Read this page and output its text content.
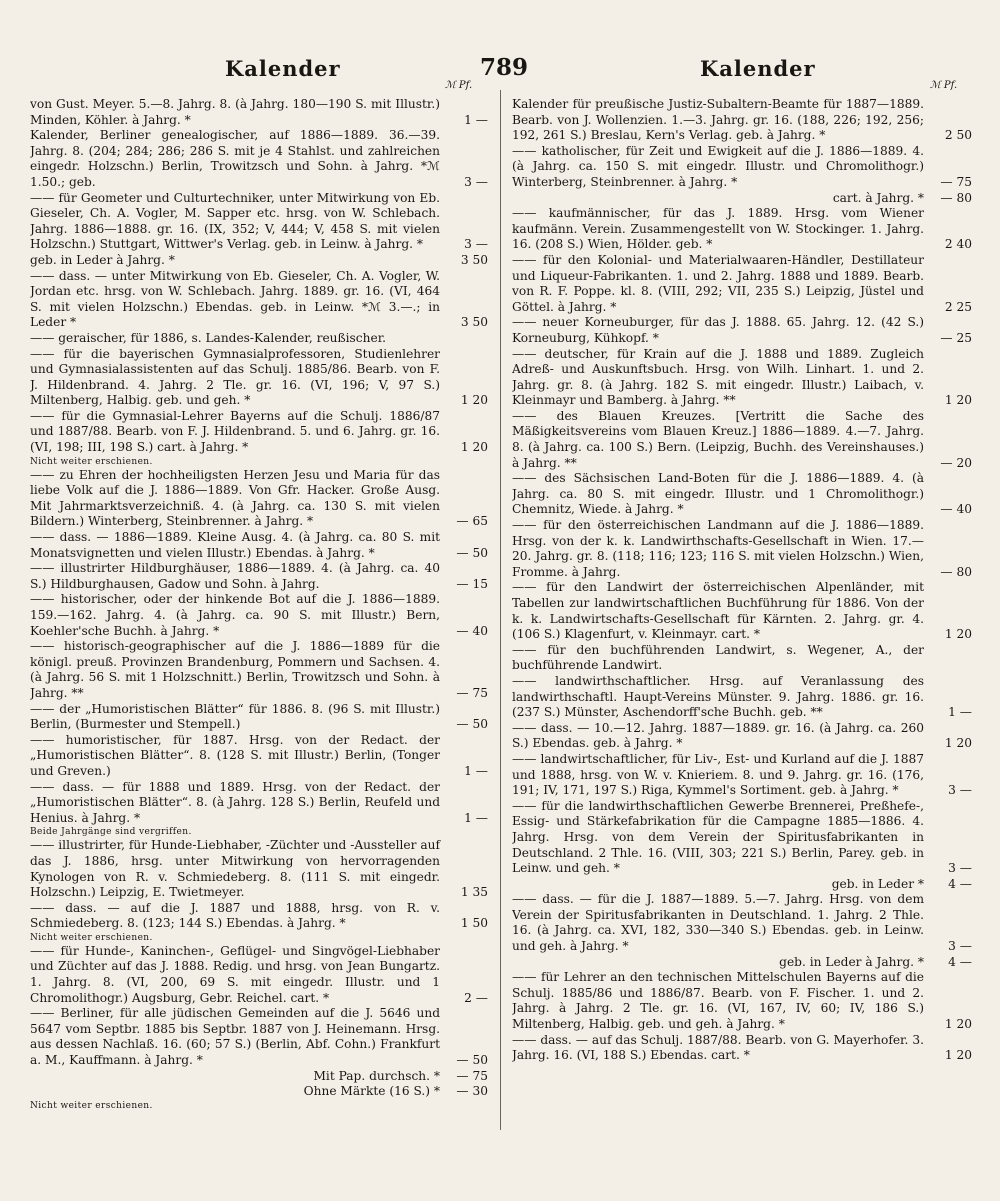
Kalender	789	Kalender
ℳ Pf.	ℳ Pf.
von Gust. Meyer. 5.—8. Jahrg. 8. (à Jahrg. 180—190 S. mit Illustr.) Minden, Köhler. à Jahrg. *	1 —
Kalender, Berliner genealogischer, auf 1886—1889. 36.—39. Jahrg. 8. (204; 284; 286; 286 S. mit je 4 Stahlst. und zahlreichen eingedr. Holzschn.) Berlin, Trowitzsch und Sohn. à Jahrg. *ℳ 1.50.; geb.	3 —
—— für Geometer und Culturtechniker, unter Mitwirkung von Eb. Gieseler, Ch. A. Vogler, M. Sapper etc. hrsg. von W. Schlebach. Jahrg. 1886—1888. gr. 16. (IX, 352; V, 444; V, 458 S. mit vielen Holzschn.) Stuttgart, Wittwer's Verlag. geb. in Leinw. à Jahrg. *	3 —
geb. in Leder à Jahrg. *	3 50
—— dass. — unter Mitwirkung von Eb. Gieseler, Ch. A. Vogler, W. Jordan etc. hrsg. von W. Schlebach. Jahrg. 1889. gr. 16. (VI, 464 S. mit vielen Holzschn.) Ebendas. geb. in Leinw. *ℳ 3.—.; in Leder *	3 50
—— geraischer, für 1886, s. Landes-Kalender, reußischer.
—— für die bayerischen Gymnasialprofessoren, Studienlehrer und Gymnasialassistenten auf das Schulj. 1885/86. Bearb. von F. J. Hildenbrand. 4. Jahrg. 2 Tle. gr. 16. (VI, 196; V, 97 S.) Miltenberg, Halbig. geb. und geh. *	1 20
—— für die Gymnasial-Lehrer Bayerns auf die Schulj. 1886/87 und 1887/88. Bearb. von F. J. Hildenbrand. 5. und 6. Jahrg. gr. 16. (VI, 198; III, 198 S.) cart. à Jahrg. *	1 20
Nicht weiter erschienen.
—— zu Ehren der hochheiligsten Herzen Jesu und Maria für das liebe Volk auf die J. 1886—1889. Von Gfr. Hacker. Große Ausg. Mit Jahrmarktsverzeichniß. 4. (à Jahrg. ca. 130 S. mit vielen Bildern.) Winterberg, Steinbrenner. à Jahrg. *	— 65
—— dass. — 1886—1889. Kleine Ausg. 4. (à Jahrg. ca. 80 S. mit Monatsvignetten und vielen Illustr.) Ebendas. à Jahrg. *	— 50
—— illustrirter Hildburghäuser, 1886—1889. 4. (à Jahrg. ca. 40 S.) Hildburghausen, Gadow und Sohn. à Jahrg.	— 15
—— historischer, oder der hinkende Bot auf die J. 1886—1889. 159.—162. Jahrg. 4. (à Jahrg. ca. 90 S. mit Illustr.) Bern, Koehler'sche Buchh. à Jahrg. *	— 40
—— historisch-geographischer auf die J. 1886—1889 für die königl. preuß. Provinzen Brandenburg, Pommern und Sachsen. 4. (à Jahrg. 56 S. mit 1 Holzschnitt.) Berlin, Trowitzsch und Sohn. à Jahrg. **	— 75
—— der „Humoristischen Blätter“ für 1886. 8. (96 S. mit Illustr.) Berlin, (Burmester und Stempell.)	— 50
—— humoristischer, für 1887. Hrsg. von der Redact. der „Humoristischen Blätter“. 8. (128 S. mit Illustr.) Berlin, (Tonger und Greven.)	1 —
—— dass. — für 1888 und 1889. Hrsg. von der Redact. der „Humoristischen Blätter“. 8. (à Jahrg. 128 S.) Berlin, Reufeld und Henius. à Jahrg. *	1 —
Beide Jahrgänge sind vergriffen.
—— illustrirter, für Hunde-Liebhaber, -Züchter und -Aussteller auf das J. 1886, hrsg. unter Mitwirkung von hervorragenden Kynologen von R. v. Schmiedeberg. 8. (111 S. mit eingedr. Holzschn.) Leipzig, E. Twietmeyer.	1 35
—— dass. — auf die J. 1887 und 1888, hrsg. von R. v. Schmiedeberg. 8. (123; 144 S.) Ebendas. à Jahrg. *	1 50
Nicht weiter erschienen.
—— für Hunde-, Kaninchen-, Geflügel- und Singvögel-Liebhaber und Züchter auf das J. 1888. Redig. und hrsg. von Jean Bungartz. 1. Jahrg. 8. (VI, 200, 69 S. mit eingedr. Illustr. und 1 Chromolithogr.) Augsburg, Gebr. Reichel. cart. *	2 —
—— Berliner, für alle jüdischen Gemeinden auf die J. 5646 und 5647 vom Septbr. 1885 bis Septbr. 1887 von J. Heinemann. Hrsg. aus dessen Nachlaß. 16. (60; 57 S.) (Berlin, Abf. Cohn.) Frankfurt a. M., Kauffmann. à Jahrg. *	— 50
Mit Pap. durchsch. *	— 75
Ohne Märkte (16 S.) *	— 30
Nicht weiter erschienen.
Kalender für preußische Justiz-Subaltern-Beamte für 1887—1889. Bearb. von J. Wollenzien. 1.—3. Jahrg. gr. 16. (188, 226; 192, 256; 192, 261 S.) Breslau, Kern's Verlag. geb. à Jahrg. *	2 50
—— katholischer, für Zeit und Ewigkeit auf die J. 1886—1889. 4. (à Jahrg. ca. 150 S. mit eingedr. Illustr. und Chromolithogr.) Winterberg, Steinbrenner. à Jahrg. *	— 75
cart. à Jahrg. *	— 80
—— kaufmännischer, für das J. 1889. Hrsg. vom Wiener kaufmänn. Verein. Zusammengestellt von W. Stockinger. 1. Jahrg. 16. (208 S.) Wien, Hölder. geb. *	2 40
—— für den Kolonial- und Materialwaaren-Händler, Destillateur und Liqueur-Fabrikanten. 1. und 2. Jahrg. 1888 und 1889. Bearb. von R. F. Poppe. kl. 8. (VIII, 292; VII, 235 S.) Leipzig, Jüstel und Göttel. à Jahrg. *	2 25
—— neuer Korneuburger, für das J. 1888. 65. Jahrg. 12. (42 S.) Korneuburg, Kühkopf. *	— 25
—— deutscher, für Krain auf die J. 1888 und 1889. Zugleich Adreß- und Auskunftsbuch. Hrsg. von Wilh. Linhart. 1. und 2. Jahrg. gr. 8. (à Jahrg. 182 S. mit eingedr. Illustr.) Laibach, v. Kleinmayr und Bamberg. à Jahrg. **	1 20
—— des Blauen Kreuzes. [Vertritt die Sache des Mäßigkeitsvereins vom Blauen Kreuz.] 1886—1889. 4.—7. Jahrg. 8. (à Jahrg. ca. 100 S.) Bern. (Leipzig, Buchh. des Vereinshauses.) à Jahrg. **	— 20
—— des Sächsischen Land-Boten für die J. 1886—1889. 4. (à Jahrg. ca. 80 S. mit eingedr. Illustr. und 1 Chromolithogr.) Chemnitz, Wiede. à Jahrg. *	— 40
—— für den österreichischen Landmann auf die J. 1886—1889. Hrsg. von der k. k. Landwirthschafts-Gesellschaft in Wien. 17.—20. Jahrg. gr. 8. (118; 116; 123; 116 S. mit vielen Holzschn.) Wien, Fromme. à Jahrg.	— 80
—— für den Landwirt der österreichischen Alpenländer, mit Tabellen zur landwirtschaftlichen Buchführung für 1886. Von der k. k. Landwirtschafts-Gesellschaft für Kärnten. 2. Jahrg. gr. 4. (106 S.) Klagenfurt, v. Kleinmayr. cart. *	1 20
—— für den buchführenden Landwirt, s. Wegener, A., der buchführende Landwirt.
—— landwirthschaftlicher. Hrsg. auf Veranlassung des landwirthschaftl. Haupt-Vereins Münster. 9. Jahrg. 1886. gr. 16. (237 S.) Münster, Aschendorff'sche Buchh. geb. **	1 —
—— dass. — 10.—12. Jahrg. 1887—1889. gr. 16. (à Jahrg. ca. 260 S.) Ebendas. geb. à Jahrg. *	1 20
—— landwirtschaftlicher, für Liv-, Est- und Kurland auf die J. 1887 und 1888, hrsg. von W. v. Knieriem. 8. und 9. Jahrg. gr. 16. (176, 191; IV, 171, 197 S.) Riga, Kymmel's Sortiment. geb. à Jahrg. *	3 —
—— für die landwirthschaftlichen Gewerbe Brennerei, Preßhefe-, Essig- und Stärkefabrikation für die Campagne 1885—1886. 4. Jahrg. Hrsg. von dem Verein der Spiritusfabrikanten in Deutschland. 2 Thle. 16. (VIII, 303; 221 S.) Berlin, Parey. geb. in Leinw. und geh. *	3 —
geb. in Leder *	4 —
—— dass. — für die J. 1887—1889. 5.—7. Jahrg. Hrsg. von dem Verein der Spiritusfabrikanten in Deutschland. 1. Jahrg. 2 Thle. 16. (à Jahrg. ca. XVI, 182, 330—340 S.) Ebendas. geb. in Leinw. und geh. à Jahrg. *	3 —
geb. in Leder à Jahrg. *	4 —
—— für Lehrer an den technischen Mittelschulen Bayerns auf die Schulj. 1885/86 und 1886/87. Bearb. von F. Fischer. 1. und 2. Jahrg. à Jahrg. 2 Tle. gr. 16. (VI, 167, IV, 60; IV, 186 S.) Miltenberg, Halbig. geb. und geh. à Jahrg. *	1 20
—— dass. — auf das Schulj. 1887/88. Bearb. von G. Mayerhofer. 3. Jahrg. 16. (VI, 188 S.) Ebendas. cart. *	1 20
